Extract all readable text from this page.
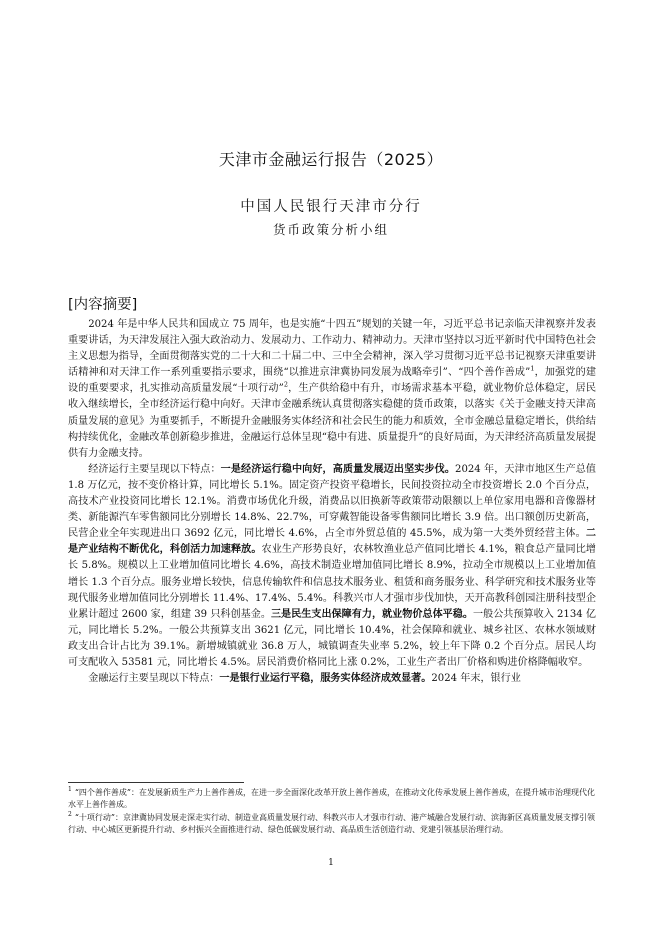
天津市金融运行报告（2025）
中国人民银行天津市分行
货币政策分析小组
[内容摘要]

2024 年是中华人民共和国成立 75 周年，也是实施“十四五”规划的关键一年，习近平总书记亲临天津视察并发表重要讲话，为天津发展注入强大政治动力、发展动力、工作动力、精神动力。天津市坚持以习近平新时代中国特色社会主义思想为指导，全面贯彻落实党的二十大和二十届二中、三中全会精神，深入学习贯彻习近平总书记视察天津重要讲话精神和对天津工作一系列重要指示要求，围绕“以推进京津冀协同发展为战略牵引”、“四个善作善成”$^1$，加强党的建设的重要要求，扎实推动高质量发展“十项行动”$^2$，生产供给稳中有升，市场需求基本平稳，就业物价总体稳定，居民收入继续增长，全市经济运行稳中向好。天津市金融系统认真贯彻落实稳健的货币政策，以落实《关于金融支持天津高质量发展的意见》为重要抓手，不断提升金融服务实体经济和社会民生的能力和质效，全市金融总量稳定增长，供给结构持续优化，金融改革创新稳步推进，金融运行总体呈现“稳中有进、质量提升”的良好局面，为天津经济高质量发展提供有力金融支持。

经济运行主要呈现以下特点：一是经济运行稳中向好，高质量发展迈出坚实步伐。2024 年，天津市地区生产总值 1.8 万亿元，按不变价格计算，同比增长 5.1%。固定资产投资平稳增长，民间投资拉动全市投资增长 2.0 个百分点，高技术产业投资同比增长 12.1%。消费市场优化升级，消费品以旧换新等政策带动限额以上单位家用电器和音像器材类、新能源汽车零售额同比分别增长 14.8%、22.7%，可穿戴智能设备零售额同比增长 3.9 倍。出口额创历史新高，民营企业全年实现进出口 3692 亿元，同比增长 4.6%，占全市外贸总值的 45.5%，成为第一大类外贸经营主体。二是产业结构不断优化，科创活力加速释放。农业生产形势良好，农林牧渔业总产值同比增长 4.1%，粮食总产量同比增长 5.8%。规模以上工业增加值同比增长 4.6%，高技术制造业增加值同比增长 8.9%，拉动全市规模以上工业增加值增长 1.3 个百分点。服务业增长较快，信息传输软件和信息技术服务业、租赁和商务服务业、科学研究和技术服务业等现代服务业增加值同比分别增长 11.4%、17.4%、5.4%。科教兴市人才强市步伐加快，天开高教科创园注册科技型企业累计超过 2600 家，组建 39 只科创基金。三是民生支出保障有力，就业物价总体平稳。一般公共预算收入 2134 亿元，同比增长 5.2%。一般公共预算支出 3621 亿元，同比增长 10.4%，社会保障和就业、城乡社区、农林水领域财政支出合计占比为 39.1%。新增城镇就业 36.8 万人，城镇调查失业率 5.2%，较上年下降 0.2 个百分点。居民人均可支配收入 53581 元，同比增长 4.5%。居民消费价格同比上涨 0.2%，工业生产者出厂价格和购进价格降幅收窄。

金融运行主要呈现以下特点：一是银行业运行平稳，服务实体经济成效显著。2024 年末，银行业

$^1$ “四个善作善成”：在发展新质生产力上善作善成，在进一步全面深化改革开放上善作善成，在推动文化传承发展上善作善成，在提升城市治理现代化水平上善作善成。

$^2$ “十项行动”：京津冀协同发展走深走实行动、制造业高质量发展行动、科教兴市人才强市行动、港产城融合发展行动、滨海新区高质量发展支撑引领行动、中心城区更新提升行动、乡村振兴全面推进行动、绿色低碳发展行动、高品质生活创造行动、党建引领基层治理行动。

1
